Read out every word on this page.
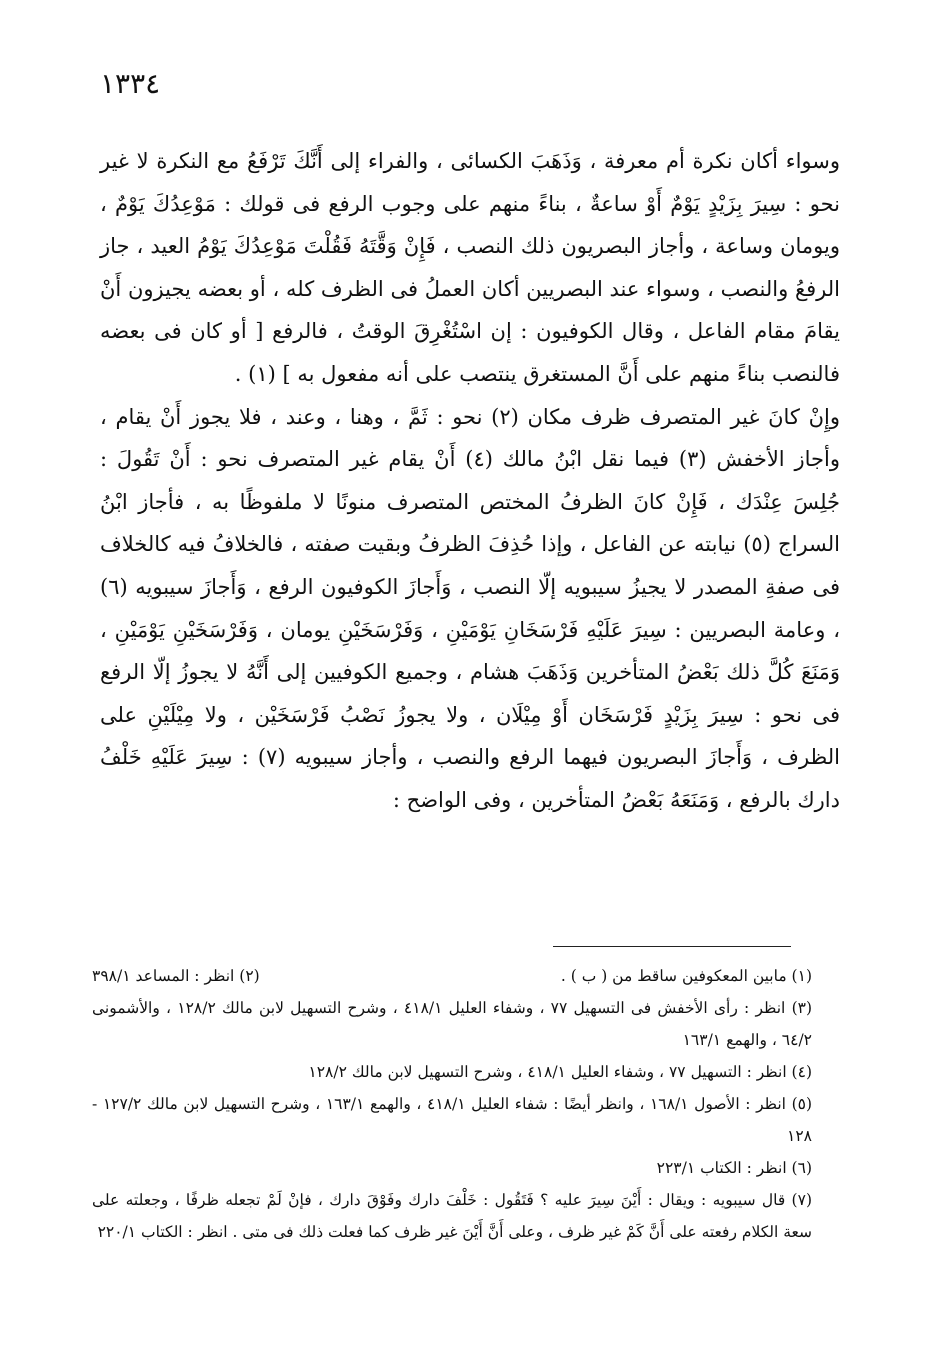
١٣٣٤

وسواء أكان نكرة أم معرفة ، وَذَهَبَ الكسائى ، والفراء إلى أَنَّكَ تَرْفَعُ مع النكرة لا غير نحو : سِيرَ بِزَيْدٍ يَوْمٌ أَوْ ساعةٌ ، بناءً منهم على وجوب الرفع فى قولك : مَوْعِدُكَ يَوْمٌ ، ويومان وساعة ، وأجاز البصريون ذلك النصب ، فَإِنْ وَقَّتَهُ فَقُلْتَ مَوْعِدُكَ يَوْمُ العيد ، جاز الرفعُ والنصب ، وسواء عند البصريين أكان العملُ فى الظرف كله ، أو بعضه يجيزون أَنْ يقامَ مقام الفاعل ، وقال الكوفيون : إن اسْتُغْرِقَ الوقتُ ، فالرفع [ أو كان فى بعضه فالنصب بناءً منهم على أَنَّ المستغرق ينتصب على أنه مفعول به ] (١) .

وإِنْ كانَ غير المتصرف ظرف مكان (٢) نحو : ثَمَّ ، وهنا ، وعند ، فلا يجوز أَنْ يقام ، وأجاز الأخفش (٣) فيما نقل ابْنُ مالك (٤) أَنْ يقام غير المتصرف نحو : أَنْ تَقُولَ : جُلِسَ عِنْدَك ، فَإِنْ كانَ الظرفُ المختص المتصرف منونًا لا ملفوظًا به ، فأجاز ابْنُ السراج (٥) نيابته عن الفاعل ، وإذا حُذِفَ الظرفُ وبقيت صفته ، فالخلافُ فيه كالخلاف فى صفةِ المصدر لا يجيزُ سيبويه إلّا النصب ، وَأَجازَ الكوفيون الرفع ، وَأَجازَ سيبويه (٦) ، وعامة البصريين : سِيرَ عَلَيْهِ فَرْسَخَانِ يَوْمَيْنِ ، وَفَرْسَخَيْنِ يومان ، وَفَرْسَخَيْنِ يَوْمَيْنِ ، وَمَنَعَ كُلَّ ذلك بَعْضُ المتأخرين وَذَهَبَ هشام ، وجميع الكوفيين إلى أَنَّهُ لا يجوزُ إلّا الرفع فى نحو : سِيرَ بِزَيْدٍ فَرْسَخَان أَوْ مِيْلَان ، ولا يجوزُ نَصْبُ فَرْسَخَيْن ، ولا مِيْلَيْنِ على الظرف ، وَأَجازَ البصريون فيهما الرفع والنصب ، وأجاز سيبويه (٧) : سِيرَ عَلَيْهِ خَلْفُ دارك بالرفع ، وَمَنَعَهُ بَعْضُ المتأخرين ، وفى الواضح :

(١) مابين المعكوفين ساقط من ( ب ) .
(٢) انظر : المساعد ٣٩٨/١

(٣) انظر : رأى الأخفش فى التسهيل ٧٧ ، وشفاء العليل ٤١٨/١ ، وشرح التسهيل لابن مالك ١٢٨/٢ ، والأشمونى ٦٤/٢ ، والهمع ١٦٣/١

(٤) انظر : التسهيل ٧٧ ، وشفاء العليل ٤١٨/١ ، وشرح التسهيل لابن مالك ١٢٨/٢

(٥) انظر : الأصول ١٦٨/١ ، وانظر أيضًا : شفاء العليل ٤١٨/١ ، والهمع ١٦٣/١ ، وشرح التسهيل لابن مالك ١٢٧/٢ - ١٢٨

(٦) انظر : الكتاب ٢٢٣/١

(٧) قال سيبويه : ويقال : أَيْنَ سِيرَ عليه ؟ فَتَقُول : خَلْفَ دارك وفَوْقَ دارك ، فإنْ لَمْ تجعله ظرفًا ، وجعلته على سعة الكلام رفعته على أَنَّ كَمْ غير ظرف ، وعلى أَنَّ أَيْنَ غير ظرف كما فعلت ذلك فى متى . انظر : الكتاب ٢٢٠/١
